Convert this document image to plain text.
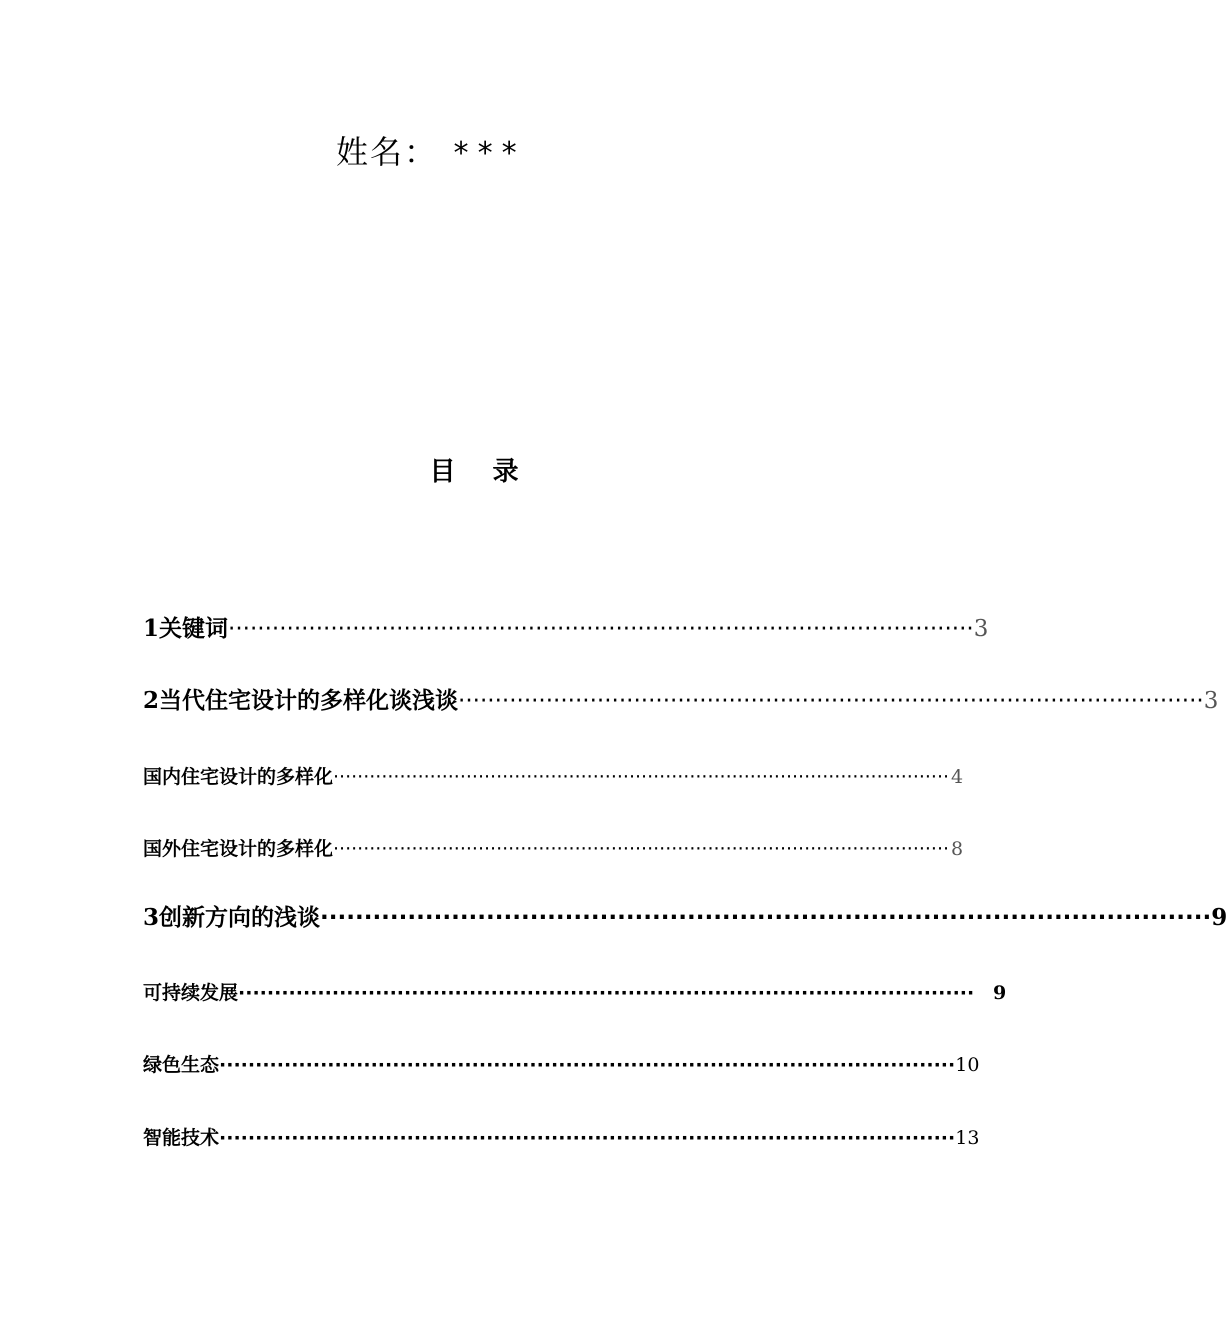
姓名： ***
目 录
1关键词 ······································································································ 3
2当代住宅设计的多样化谈浅谈 ······································································································ 3
国内住宅设计的多样化 ······································································································ 4
国外住宅设计的多样化 ······································································································ 8
3创新方向的浅谈 ······································································································ 9
可持续发展 ······································································································ 9
绿色生态 ······································································································ 10
智能技术 ······································································································ 13
